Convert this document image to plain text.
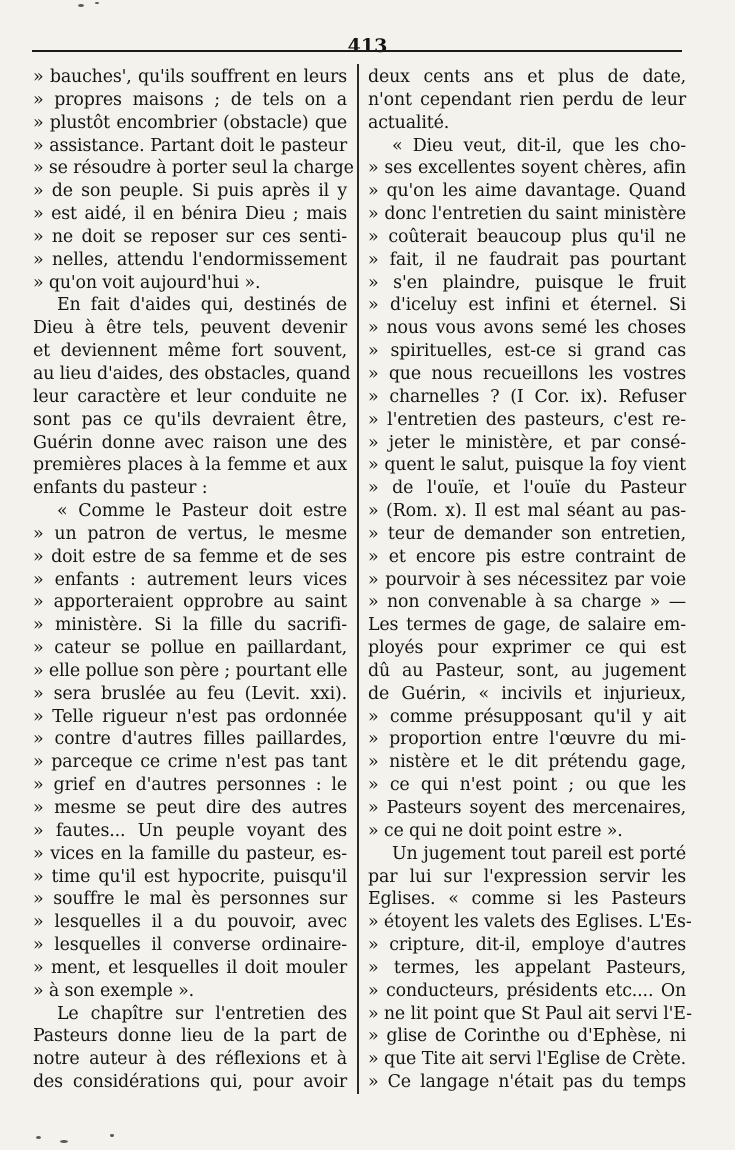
413
» bauches', qu'ils souffrent en leurs
» propres maisons ; de tels on a
» plustôt encombrier (obstacle) que
» assistance. Partant doit le pasteur
» se résoudre à porter seul la charge
» de son peuple. Si puis après il y
» est aidé, il en bénira Dieu ; mais
» ne doit se reposer sur ces senti-
» nelles, attendu l'endormissement
» qu'on voit aujourd'hui ».
En fait d'aides qui, destinés de
Dieu à être tels, peuvent devenir
et deviennent même fort souvent,
au lieu d'aides, des obstacles, quand
leur caractère et leur conduite ne
sont pas ce qu'ils devraient être,
Guérin donne avec raison une des
premières places à la femme et aux
enfants du pasteur :
« Comme le Pasteur doit estre
» un patron de vertus, le mesme
» doit estre de sa femme et de ses
» enfants : autrement leurs vices
» apporteraient opprobre au saint
» ministère. Si la fille du sacrifi-
» cateur se pollue en paillardant,
» elle pollue son père ; pourtant elle
» sera bruslée au feu (Levit. xxi).
» Telle rigueur n'est pas ordonnée
» contre d'autres filles paillardes,
» parceque ce crime n'est pas tant
» grief en d'autres personnes : le
» mesme se peut dire des autres
» fautes... Un peuple voyant des
» vices en la famille du pasteur, es-
» time qu'il est hypocrite, puisqu'il
» souffre le mal ès personnes sur
» lesquelles il a du pouvoir, avec
» lesquelles il converse ordinaire-
» ment, et lesquelles il doit mouler
» à son exemple ».
Le chapître sur l'entretien des
Pasteurs donne lieu de la part de
notre auteur à des réflexions et à
des considérations qui, pour avoir
deux cents ans et plus de date,
n'ont cependant rien perdu de leur
actualité.
« Dieu veut, dit-il, que les cho-
» ses excellentes soyent chères, afin
» qu'on les aime davantage. Quand
» donc l'entretien du saint ministère
» coûterait beaucoup plus qu'il ne
» fait, il ne faudrait pas pourtant
» s'en plaindre, puisque le fruit
» d'iceluy est infini et éternel. Si
» nous vous avons semé les choses
» spirituelles, est-ce si grand cas
» que nous recueillons les vostres
» charnelles ? (I Cor. ix). Refuser
» l'entretien des pasteurs, c'est re-
» jeter le ministère, et par consé-
» quent le salut, puisque la foy vient
» de l'ouïe, et l'ouïe du Pasteur
» (Rom. x). Il est mal séant au pas-
» teur de demander son entretien,
» et encore pis estre contraint de
» pourvoir à ses nécessitez par voie
» non convenable à sa charge » —
Les termes de gage, de salaire em-
ployés pour exprimer ce qui est
dû au Pasteur, sont, au jugement
de Guérin, « incivils et injurieux,
» comme présupposant qu'il y ait
» proportion entre l'œuvre du mi-
» nistère et le dit prétendu gage,
» ce qui n'est point ; ou que les
» Pasteurs soyent des mercenaires,
» ce qui ne doit point estre ».
Un jugement tout pareil est porté
par lui sur l'expression servir les
Eglises. « comme si les Pasteurs
» étoyent les valets des Eglises. L'Es-
» cripture, dit-il, employe d'autres
» termes, les appelant Pasteurs,
» conducteurs, présidents etc.... On
» ne lit point que St Paul ait servi l'E-
» glise de Corinthe ou d'Ephèse, ni
» que Tite ait servi l'Eglise de Crète.
» Ce langage n'était pas du temps
